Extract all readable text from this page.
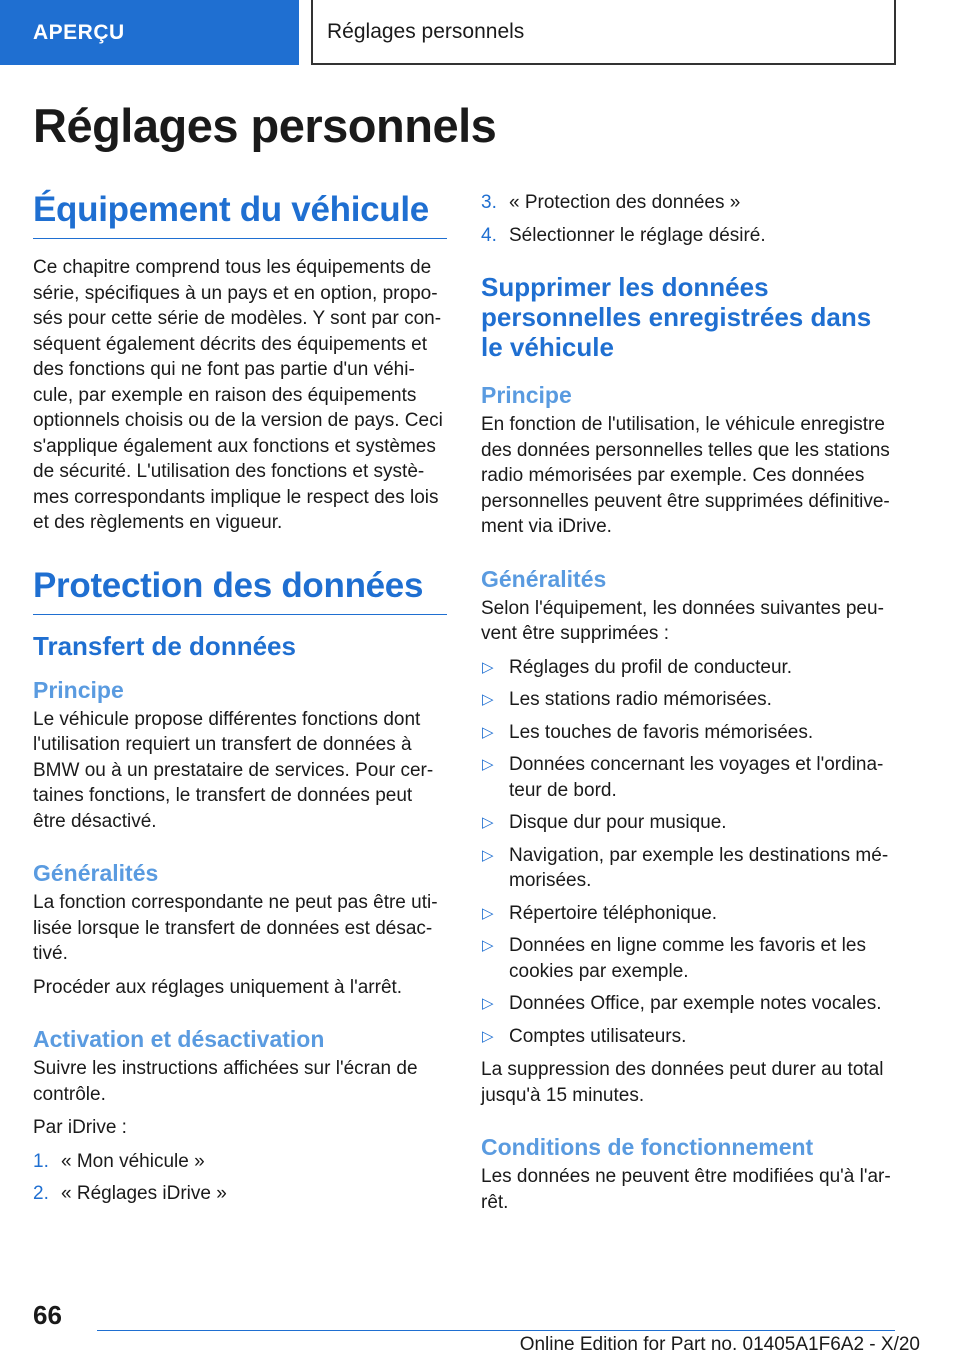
APERÇU	Réglages personnels
Réglages personnels
Équipement du véhicule

Ce chapitre comprend tous les équipements de série, spécifiques à un pays et en option, proposés pour cette série de modèles. Y sont par conséquent également décrits des équipements et des fonctions qui ne font pas partie d'un véhicule, par exemple en raison des équipements optionnels choisis ou de la version de pays. Ceci s'applique également aux fonctions et systèmes de sécurité. L'utilisation des fonctions et systèmes correspondants implique le respect des lois et des règlements en vigueur.

Protection des données
Transfert de données
Principe

Le véhicule propose différentes fonctions dont l'utilisation requiert un transfert de données à BMW ou à un prestataire de services. Pour certaines fonctions, le transfert de données peut être désactivé.

Généralités

La fonction correspondante ne peut pas être utilisée lorsque le transfert de données est désactivé.

Procéder aux réglages uniquement à l'arrêt.

Activation et désactivation

Suivre les instructions affichées sur l'écran de contrôle.

Par iDrive :

1. « Mon véhicule »
2. « Réglages iDrive »
3. « Protection des données »
4. Sélectionner le réglage désiré.
Supprimer les données personnelles enregistrées dans le véhicule
Principe

En fonction de l'utilisation, le véhicule enregistre des données personnelles telles que les stations radio mémorisées par exemple. Ces données personnelles peuvent être supprimées définitivement via iDrive.

Généralités

Selon l'équipement, les données suivantes peuvent être supprimées :

▷ Réglages du profil de conducteur.
▷ Les stations radio mémorisées.
▷ Les touches de favoris mémorisées.
▷ Données concernant les voyages et l'ordinateur de bord.
▷ Disque dur pour musique.
▷ Navigation, par exemple les destinations mémorisées.
▷ Répertoire téléphonique.
▷ Données en ligne comme les favoris et les cookies par exemple.
▷ Données Office, par exemple notes vocales.
▷ Comptes utilisateurs.

La suppression des données peut durer au total jusqu'à 15 minutes.

Conditions de fonctionnement

Les données ne peuvent être modifiées qu'à l'arrêt.

66
Online Edition for Part no. 01405A1F6A2 - X/20
